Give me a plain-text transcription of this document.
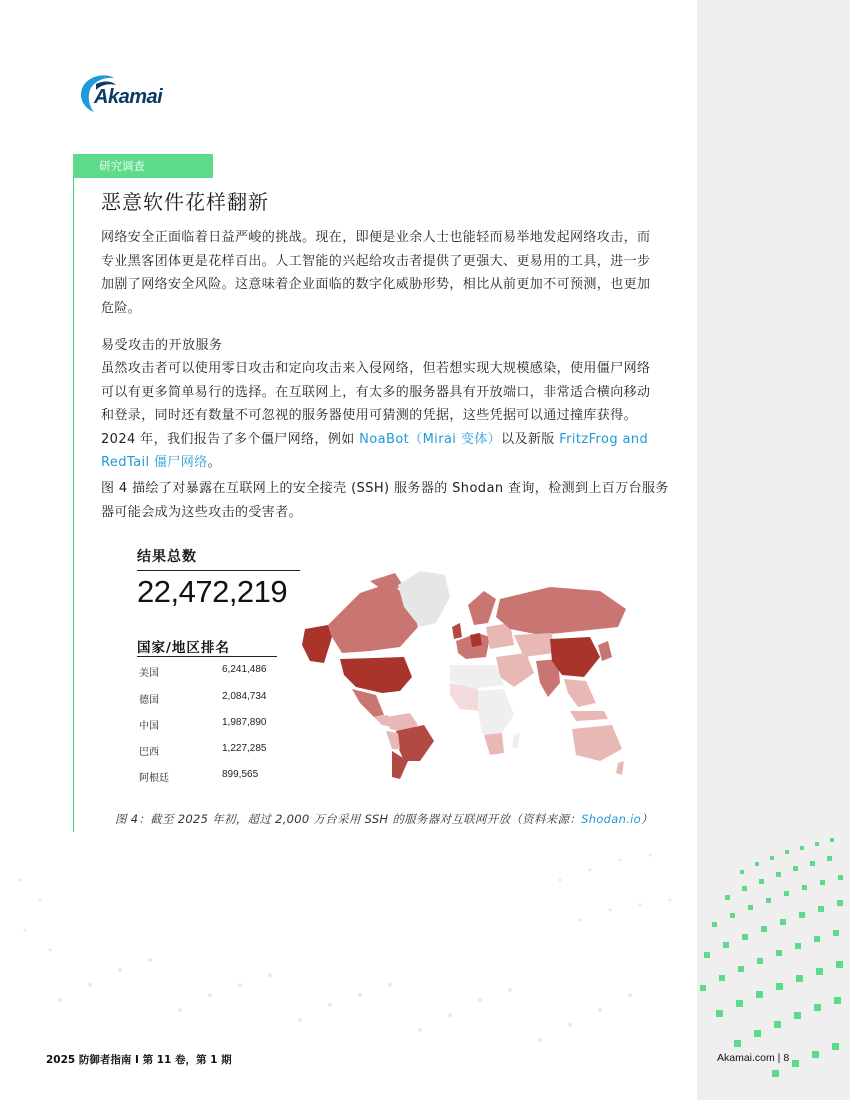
Akamai
研究调查
恶意软件花样翻新
网络安全正面临着日益严峻的挑战。现在，即便是业余人士也能轻而易举地发起网络攻击，而
专业黑客团体更是花样百出。人工智能的兴起给攻击者提供了更强大、更易用的工具，进一步
加剧了网络安全风险。这意味着企业面临的数字化威胁形势，相比从前更加不可预测，也更加
危险。
易受攻击的开放服务
虽然攻击者可以使用零日攻击和定向攻击来入侵网络，但若想实现大规模感染，使用僵尸网络
可以有更多简单易行的选择。在互联网上，有太多的服务器具有开放端口，非常适合横向移动
和登录，同时还有数量不可忽视的服务器使用可猜测的凭据，这些凭据可以通过撞库获得。
2024 年，我们报告了多个僵尸网络，例如 NoaBot（Mirai 变体）以及新版 FritzFrog and
RedTail 僵尸网络。
图 4 描绘了对暴露在互联网上的安全接壳 (SSH) 服务器的 Shodan 查询，检测到上百万台服务
器可能会成为这些攻击的受害者。
结果总数
22,472,219
国家/地区排名
美国	6,241,486
德国	2,084,734
中国	1,987,890
巴西	1,227,285
阿根廷	899,565
图 4：截至 2025 年初，超过 2,000 万台采用 SSH 的服务器对互联网开放（资料来源：Shodan.io）
2025 防御者指南 I 第 11 卷，第 1 期	Akamai.com | 8
